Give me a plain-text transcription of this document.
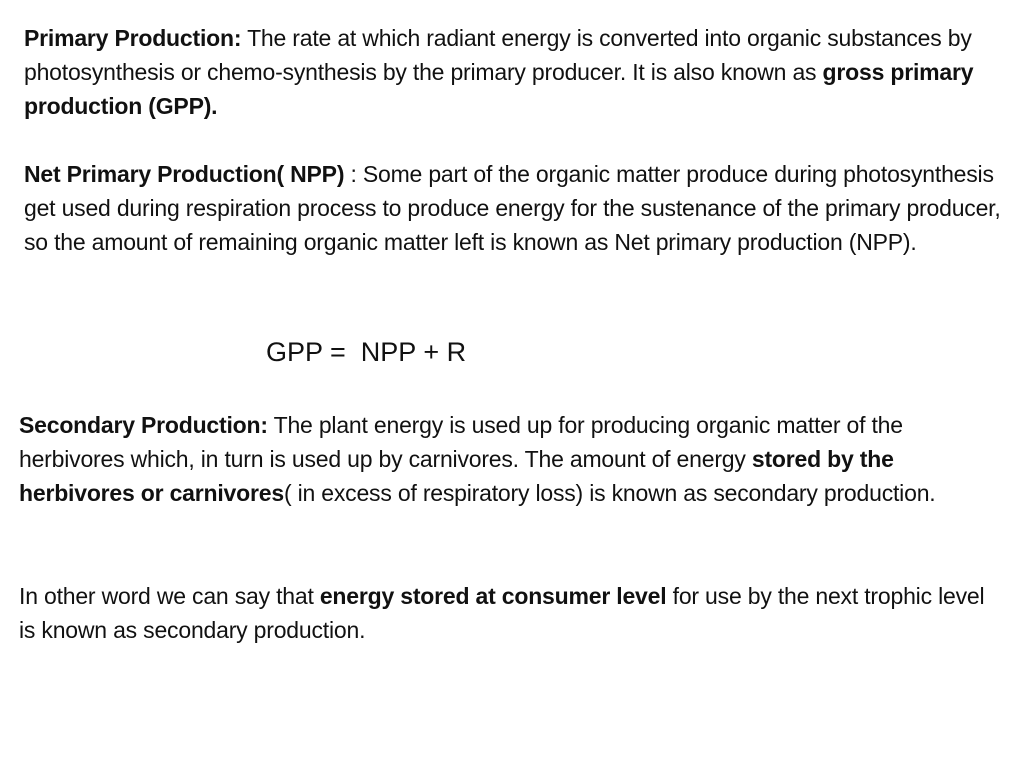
Primary Production: The rate at which radiant energy is converted into organic substances by photosynthesis or chemo-synthesis by the primary producer. It is also known as gross primary production (GPP).

Net Primary Production( NPP) : Some part of the organic matter produce during photosynthesis get used during respiration process to produce energy for the sustenance of the primary producer, so the amount of remaining organic matter left is known as Net primary production (NPP).

GPP =  NPP + R

Secondary Production: The plant energy is used up for producing organic matter of the herbivores which, in turn is used up by carnivores. The amount of energy stored by the herbivores or carnivores( in excess of respiratory loss) is known as secondary production.

In other word we can say that energy stored at consumer level for use by the next trophic level is known as secondary production.
